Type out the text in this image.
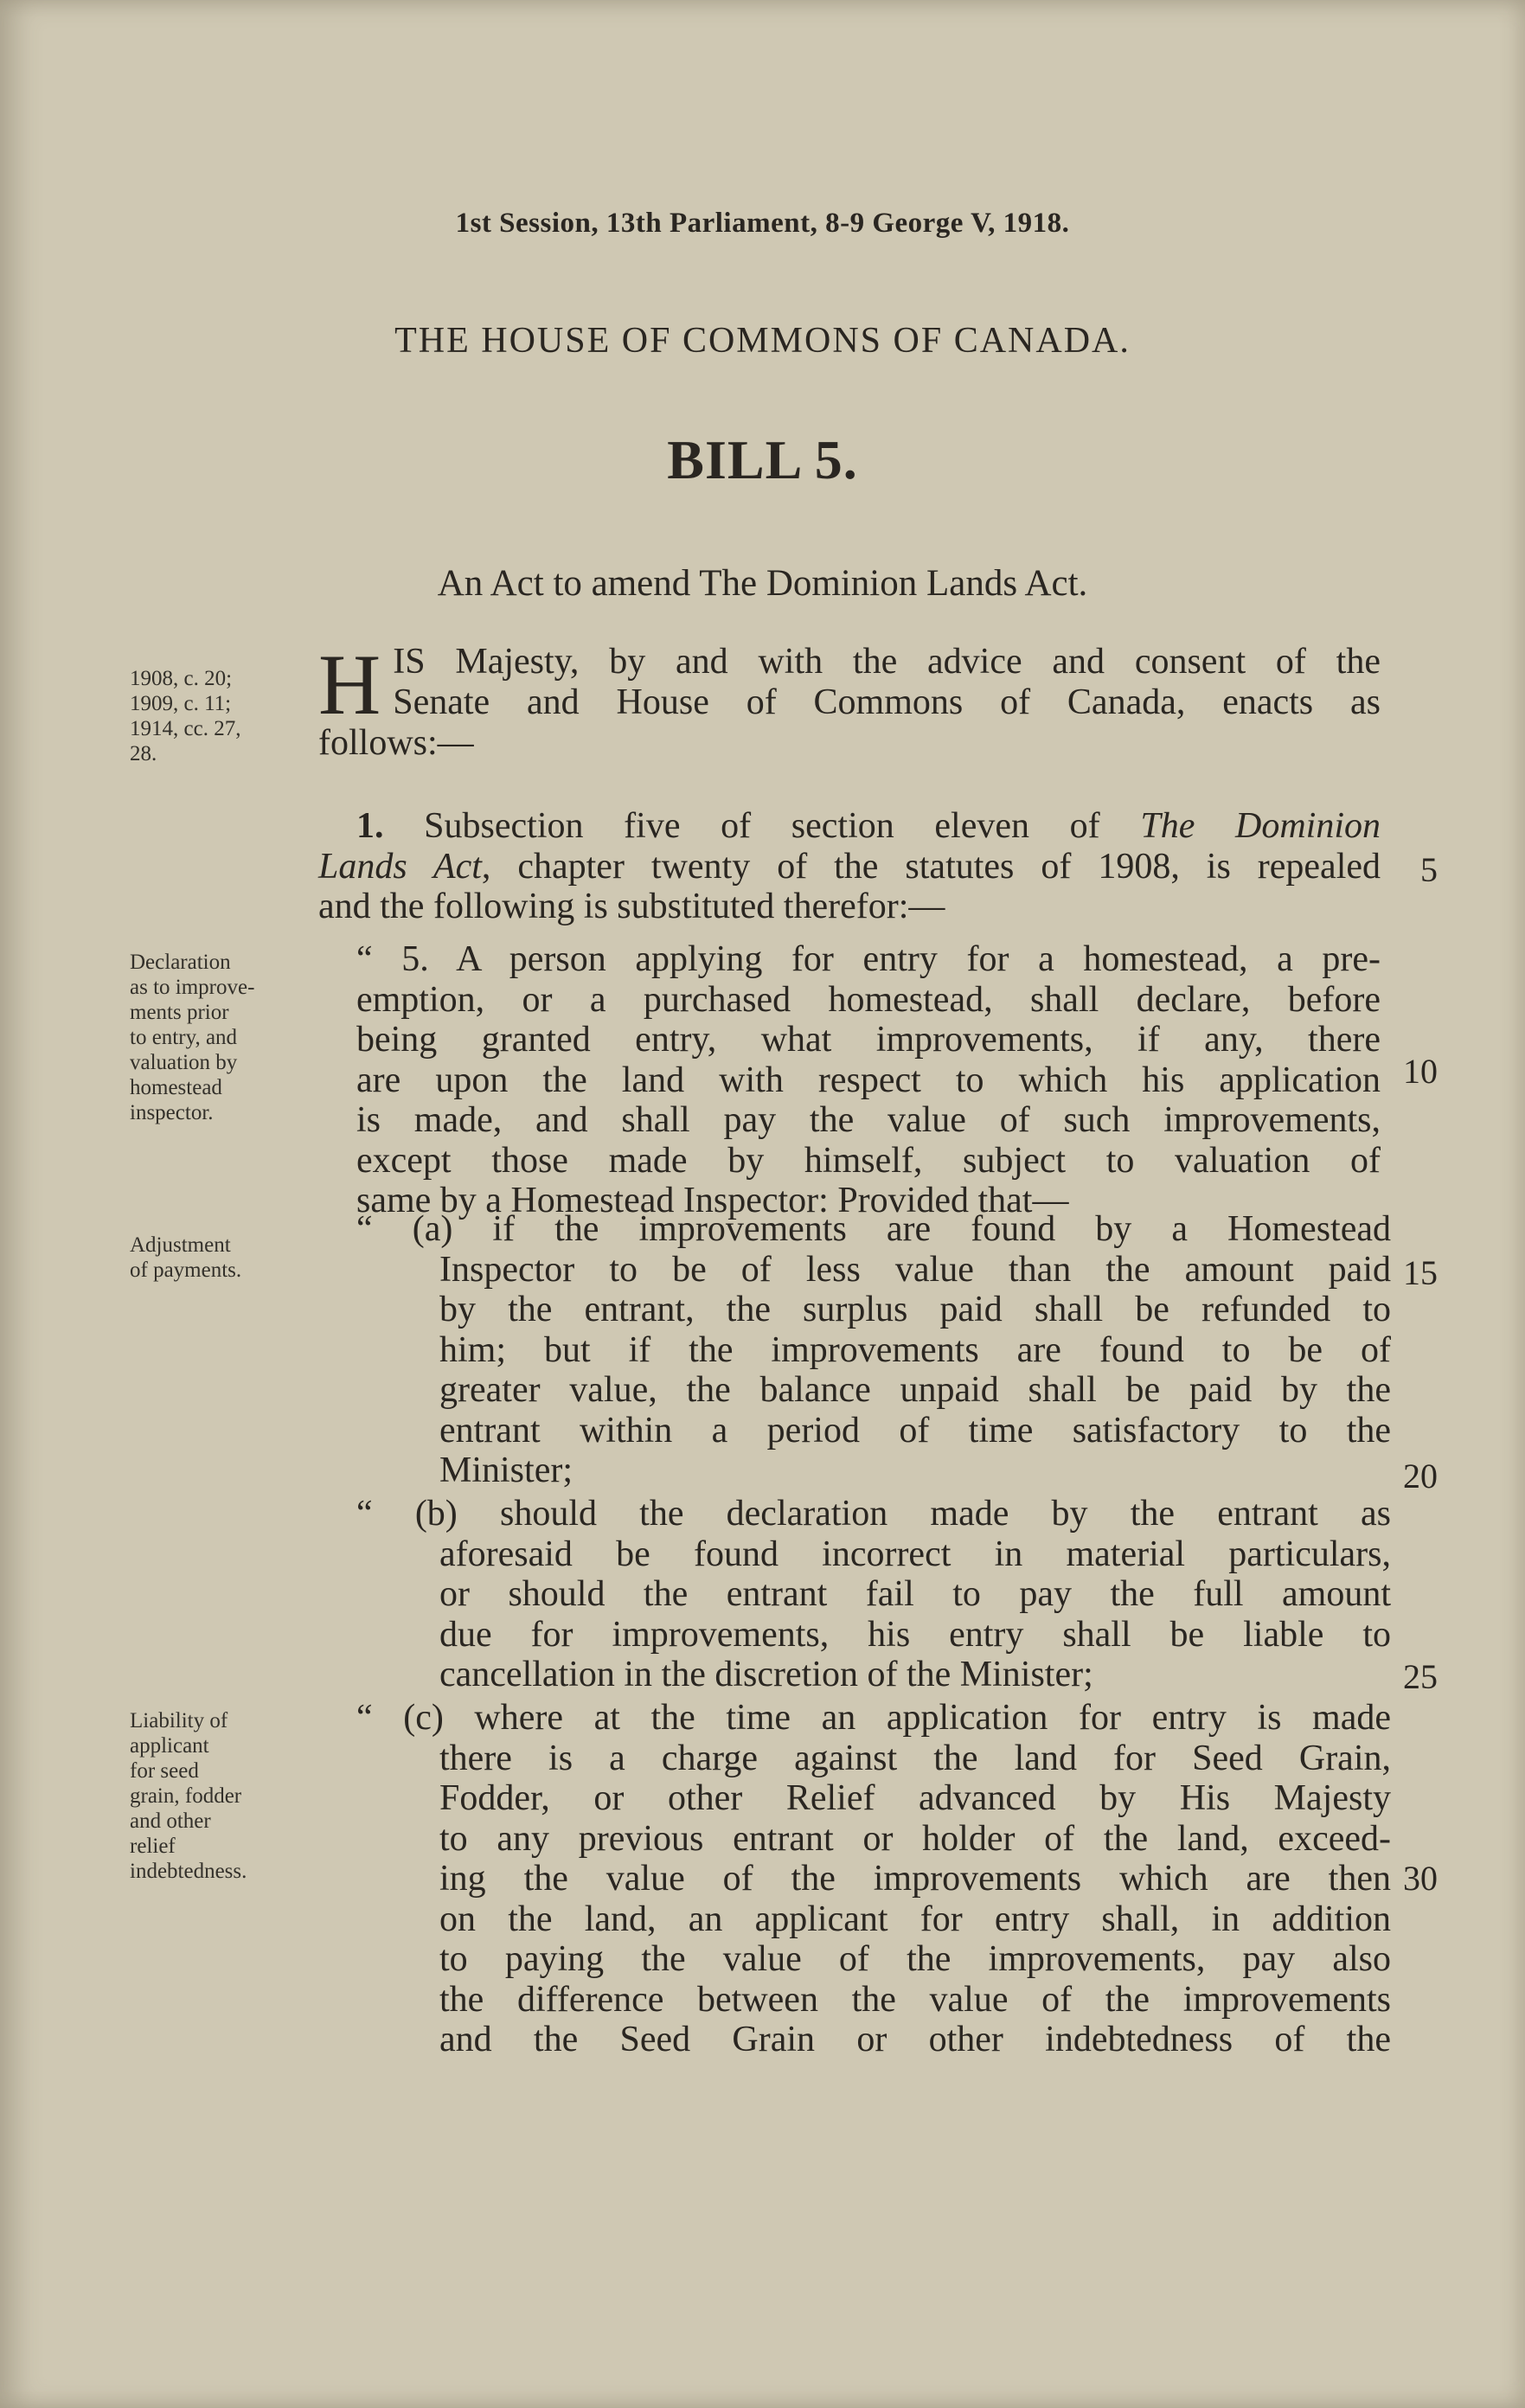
1st Session, 13th Parliament, 8-9 George V, 1918.
THE HOUSE OF COMMONS OF CANADA.
BILL 5.
An Act to amend The Dominion Lands Act.
1908, c. 20;
1909, c. 11;
1914, cc. 27,
28.
Declaration
as to improve-
ments prior
to entry, and
valuation by
homestead
inspector.
Adjustment
of payments.
Liability of
applicant
for seed
grain, fodder
and other
relief
indebtedness.
H IS Majesty, by and with the advice and consent of the
Senate and House of Commons of Canada, enacts as
follows:—
1. Subsection five of section eleven of The Dominion
Lands Act, chapter twenty of the statutes of 1908, is repealed
and the following is substituted therefor:—
“ 5. A person applying for entry for a homestead, a pre-
emption, or a purchased homestead, shall declare, before
being granted entry, what improvements, if any, there
are upon the land with respect to which his application
is made, and shall pay the value of such improvements,
except those made by himself, subject to valuation of
same by a Homestead Inspector: Provided that—
“ (a) if the improvements are found by a Homestead
Inspector to be of less value than the amount paid
by the entrant, the surplus paid shall be refunded to
him; but if the improvements are found to be of
greater value, the balance unpaid shall be paid by the
entrant within a period of time satisfactory to the
Minister;
“ (b) should the declaration made by the entrant as
aforesaid be found incorrect in material particulars,
or should the entrant fail to pay the full amount
due for improvements, his entry shall be liable to
cancellation in the discretion of the Minister;
“ (c) where at the time an application for entry is made
there is a charge against the land for Seed Grain,
Fodder, or other Relief advanced by His Majesty
to any previous entrant or holder of the land, exceed-
ing the value of the improvements which are then
on the land, an applicant for entry shall, in addition
to paying the value of the improvements, pay also
the difference between the value of the improvements
and the Seed Grain or other indebtedness of the
5
10
15
20
25
30
